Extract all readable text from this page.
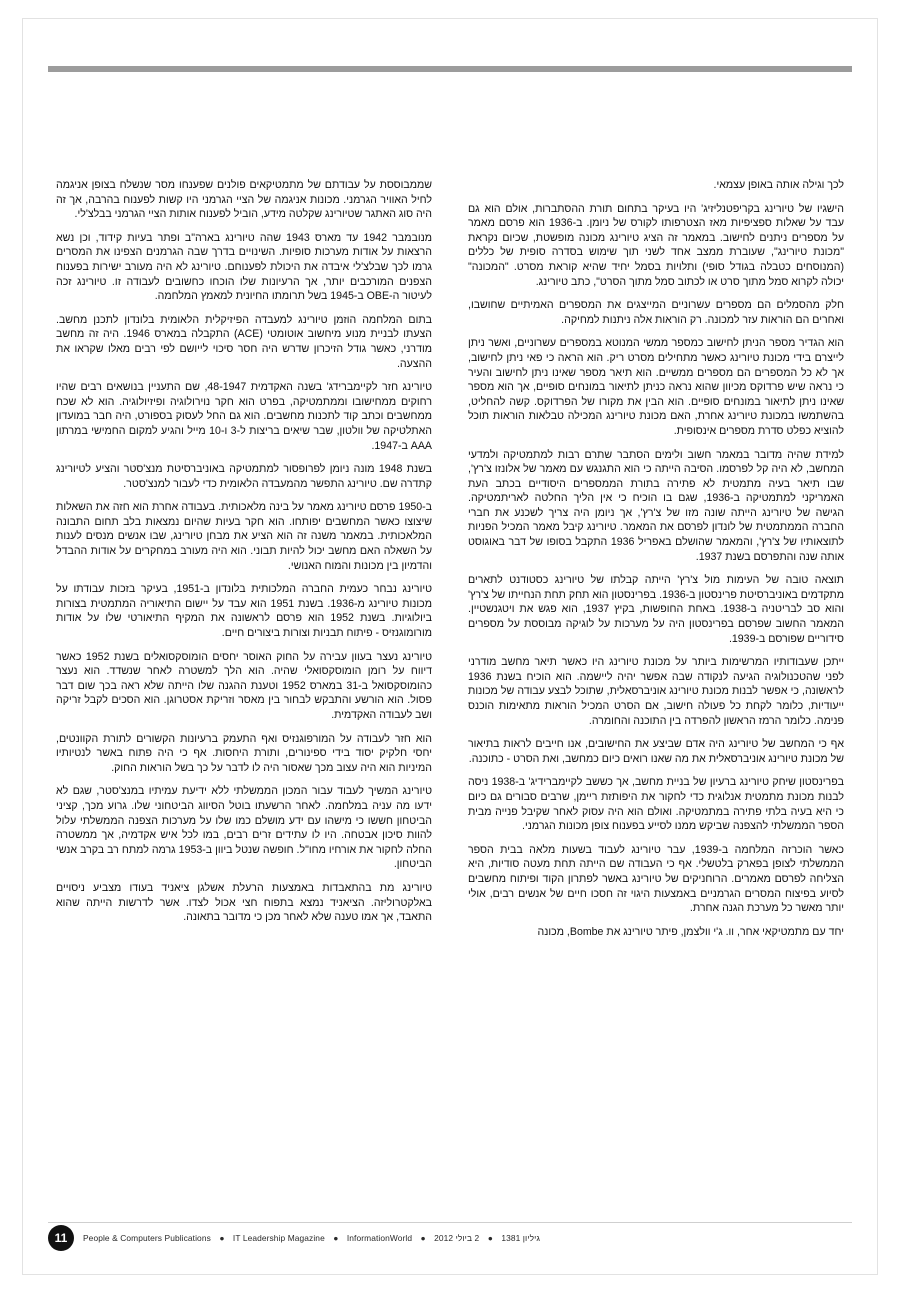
לכך וגילה אותה באופן עצמאי.

הישגיו של טיורינג בקריפטנליזיג' היו בעיקר בתחום תורת ההסתברות, אולם הוא גם עבד על שאלות ספציפיות מאז הצטרפותו לקורס של ניומן. ב-1936 הוא פרסם מאמר על מספרים ניתנים לחישוב. במאמר זה הציג טיורינג מכונה מופשטת, שכיום נקראת "מכונת טיורינג", שעוברת ממצב אחד לשני תוך שימוש בסדרה סופית של כללים (המנוסחים כטבלה בגודל סופי) ותלויות בסמל יחיד שהיא קוראת מסרט. "המכונה" יכולה לקרוא סמל מתוך סרט או לכתוב סמל מתוך הסרט", כתב טיורינג.

חלק מהסמלים הם מספרים עשרוניים המייצגים את המספרים האמיתיים שחושבו, ואחרים הם הוראות עזר למכונה. רק הוראות אלה ניתנות למחיקה.

הוא הגדיר מספר הניתן לחישוב כמספר ממשי המנוטא במספרים עשרוניים, ואשר ניתן לייצרם בידי מכונת טיורינג כאשר מתחילים מסרט ריק. הוא הראה כי פאי ניתן לחישוב, אך לא כל המספרים הם מספרים ממשיים. הוא תיאר מספר שאינו ניתן לחישוב והעיר כי נראה שיש פרדוקס מכיוון שהוא נראה כניתן לתיאור במונחים סופיים, אך הוא מספר שאינו ניתן לתיאור במונחים סופיים. הוא הבין את מקורו של הפרדוקס. קשה להחליט, בהשתמשו במכונת טיורינג אחרת, האם מכונת טיורינג המכילה טבלאות הוראות תוכל להוציא כפלט סדרת מספרים אינסופית.

למידת שהיה מדובר במאמר חשוב ולימים הסתבר שתרם רבות למתמטיקה ולמדעי המחשב, לא היה קל לפרסמו. הסיבה הייתה כי הוא התגנגש עם מאמר של אלונזו צ'רץ', שבו תיאר בעיה מתמטית לא פתירה בתורת הממספרים היסודיים בכתב העת האמריקני למתמטיקה ב-1936, שגם בו הוכיח כי אין הליך החלטה לאריתמטיקה. הגישה של טיורינג הייתה שונה מזו של צ'רץ', אך ניומן היה צריך לשכנע את חברי החברה הממתמטית של לונדון לפרסם את המאמר. טיורינג קיבל מאמר המכיל הפניות לתוצאותיו של צ'רץ', והמאמר שהושלם באפריל 1936 התקבל בסופו של דבר באוגוסט אותה שנה והתפרסם בשנת 1937.

תוצאה טובה של העימות מול צ'רץ' הייתה קבלתו של טיורינג כסטודנט לתארים מתקדמים באוניברסיטת פרינסטון ב-1936. בפרינסטון הוא תחק תחת הנחייתו של צ'רץ' והוא סב לבריטניה ב-1938. באחת החופשות, בקיץ 1937, הוא פגש את ויטגנשטיין. המאמר החשוב שפרסם בפרינסטון היה על מערכות על לוגיקה מבוססת על מספרים סידוריים שפורסם ב-1939.

ייתכן שעבודותיו המרשימות ביותר על מכונת טיורינג היו כאשר תיאר מחשב מודרני לפני שהטכנולוגיה הגיעה לנקודה שבה אפשר יהיה ליישמה. הוא הוכיח בשנת 1936 לראשונה, כי אפשר לבנות מכונת טיורינג אוניברסאלית, שתוכל לבצע עבודה של מכונות ייעודיות, כלומר לקחת כל פעולה חישוב, אם הסרט המכיל הוראות מתאימות הוכנס פנימה. כלומר הרמז הראשון להפרדה בין התוכנה והחומרה.

אף כי המחשב של טיורינג היה אדם שביצע את החישובים, אנו חייבים לראות בתיאור של מכונת טיורינג אוניברסאלית את מה שאנו רואים כיום כמחשב, ואת הסרט - כתוכנה.

בפרינסטון שיחק טיורינג ברעיון של בניית מחשב, אך כששב לקיימברידיג' ב-1938 ניסה לבנות מכונת מתמטית אנלוגית כדי לחקור את היפותזת ריימן, שרבים סבורים גם כיום כי היא בעיה בלתי פתירה במתמטיקה. ואולם הוא היה עסוק לאחר שקיבל פנייה מבית הספר הממשלתי להצפנה שביקש ממנו לסייע בפענוח צופן מכונות הגרמני.

כאשר הוכרזה המלחמה ב-1939, עבר טיורינג לעבוד בשעות מלאה בבית הספר הממשלתי לצופן בפארק בלטשלי. אף כי העבודה שם הייתה תחת מעטה סודיות, היא הצליחה לפרסם מאמרים. הרוחניקים של טיורינג באשר לפתרון הקוד ופיתוח מחשבים לסיוע בפיצוח המסרים הגרמניים באמצעות היגוי זה חסכו חיים של אנשים רבים, אולי יותר מאשר כל מערכת הגנה אחרת.

יחד עם מתמטיקאי אחר, וו. ג'י וולצמן, פיתר טיורינג את Bombe, מכונה

שממבוססת על עבודתם של מתמטיקאים פולנים שפענחו מסר שנשלח בצופן אניגמה לחיל האוויר הגרמני. מכונות אניגמה של הציי הגרמני היו קשות לפענוח בהרבה, אך זה היה סוג האתגר שטיורינג שקלטה מידע, הוביל לפענוח אותות הציי הגרמני בבלצ'לי.

מנובמבר 1942 עד מארס 1943 שהה טיורינג בארה"ב ופתר בעיות קידוד, וכן נשא הרצאות על אודות מערכות סופיות. השינויים בדרך שבה הגרמנים הצפינו את המסרים גרמו לכך שבלצ'לי איבדה את היכולת לפענוחם. טיורינג לא היה מעורב ישירות בפענוח הצפנים המורכבים יותר, אך הרעיונות שלו הוכחו כחשובים לעבודה זו. טיורינג זכה לעיטור ה-OBE ב-1945 בשל תרומתו החיונית למאמץ המלחמה.

בתום המלחמה הוזמן טיורינג למעבדה הפיזיקלית הלאומית בלונדון לתכנן מחשב. הצעתו לבניית מנוע מיחשוב אוטומטי (ACE) התקבלה במארס 1946. היה זה מחשב מודרני, כאשר גודל הזיכרון שדרש היה חסר סיכוי לייושם לפי רבים מאלו שקראו את ההצעה.

טיורינג חזר לקיימברידג' בשנה האקדמית 48-1947, שם התעניין בנושאים רבים שהיו רחוקים ממחישובו וממתמטיקה, בפרט הוא חקר נוירולוגיה ופיזיולוגיה. הוא לא שכח ממחשבים וכתב קוד לתכנות מחשבים. הוא גם החל לעסוק בספורט, היה חבר במועדון האתלטיקה של וולטון, שבר שיאים בריצות ל-3 ו-10 מייל והגיע למקום החמישי במרתון AAA ב-1947.

בשנת 1948 מונה ניומן לפרופסור למתמטיקה באוניברסיטת מנצ'סטר והציע לטיורינג קתדרה שם. טיורינג התפשר מהמעבדה הלאומית כדי לעבור למנצ'סטר.

ב-1950 פרסם טיורינג מאמר על בינה מלאכותית. בעבודה אחרת הוא חזה את השאלות שיצוצו כאשר המחשבים יפותחו. הוא חקר בעיות שהיום נמצאות בלב תחום התבונה המלאכותית. במאמר משנה זה הוא הציע את מבחן טיורינג, שבו אנשים מנסים לענות על השאלה האם מחשב יכול להיות תבוני. הוא היה מעורב במחקרים על אודות ההבדל והדמיון בין מכונות והמוח האנושי.

טיורינג נבחר כעמית החברה המלכותית בלונדון ב-1951, בעיקר בזכות עבודתו על מכונות טיורינג מ-1936. בשנת 1951 הוא עבד על יישום התיאוריה המתמטית בצורות ביולוגיות. בשנת 1952 הוא פרסם לראשונה את המקיף התיאורטי שלו על אודות מורומוגנזיס - פיתוח תבניות וצורות ביצורים חיים.

טיורינג נעצר בעוון עבירה על החוק האוסר יחסים הומוסקסואלים בשנת 1952 כאשר דיווח על רומן הומוסקסואלי שהיה. הוא הלך למשטרה לאחר שנשדד. הוא נעצר כהומוסקסואל ב-31 במארס 1952 וטענת ההגנה שלו הייתה שלא ראה בכך שום דבר פסול. הוא הורשע והתבקש לבחור בין מאסר וזריקת אסטרוגן. הוא הסכים לקבל זריקה ושב לעבודה האקדמית.

הוא חזר לעבודה על המורפוגנזיס ואף התעמק ברעיונות הקשורים לתורת הקוונטים, יחסי חלקיק יסוד בידי ספינורים, ותורת היחסות. אף כי היה פתוח באשר לנטיותיו המיניות הוא היה עצוב מכך שאסור היה לו לדבר על כך בשל הוראות החוק.

טיורינג המשיך לעבוד עבור המכון הממשלתי ללא ידיעת עמיתיו במנצ'סטר, שגם לא ידעו מה עניה במלחמה. לאחר הרשעתו בוטל הסיווג הביטחוני שלו. גרוע מכך, קציני הביטחון חששו כי מישהו עם ידע מושלם כמו שלו על מערכות הצפנה הממשלתי עלול להוות סיכון אבטחה. היו לו עתידים זרים רבים, במו לכל איש אקדמיה, אך ממשטרה החלה לחקור את אורחיו מחו"ל. חופשה שנטל ביוון ב-1953 גרמה למתח רב בקרב אנשי הביטחון.

טיורינג מת בהתאבדות באמצעות הרעלת אשלגן ציאניד בעודו מצביע ניסויים באלקטרוליזה. הציאניד נמצא בתפוח חצי אכול לצדו. אשר לדרשות הייתה שהוא התאבד, אך אמו טענה שלא לאחר מכן כי מדובר בתאונה.

11	People & Computers Publications ● IT Leadership Magazine ● InformationWorld ● 2 ביולי 2012 ● גיליון 1381
